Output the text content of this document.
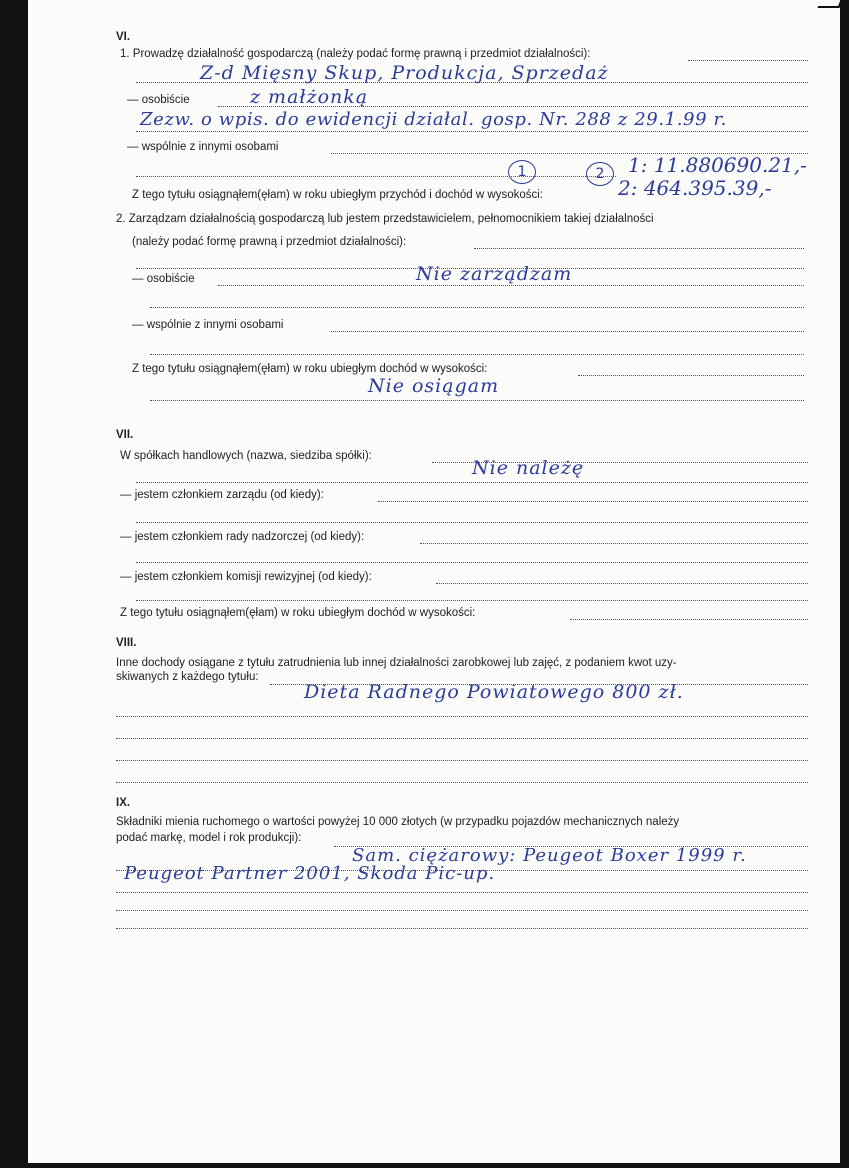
VI.
1. Prowadzę działalność gospodarczą (należy podać formę prawną i przedmiot działalności):
Z-d Mięsny Skup, Produkcja, Sprzedaż
— osobiście	z małżonką
Zezw. o wpis. do ewidencji działal. gosp. Nr. 288 z 29.1.99 r.
— wspólnie z innymi osobami
1	2	1: 11.880690.21,-
Z tego tytułu osiągnąłem(ęłam) w roku ubiegłym przychód i dochód w wysokości:	2: 464.395.39,-
2. Zarządzam działalnością gospodarczą lub jestem przedstawicielem, pełnomocnikiem takiej działalności
(należy podać formę prawną i przedmiot działalności):
— osobiście	Nie zarządzam
— wspólnie z innymi osobami
Z tego tytułu osiągnąłem(ęłam) w roku ubiegłym dochód w wysokości:
Nie osiągam
VII.
W spółkach handlowych (nazwa, siedziba spółki):
Nie należę
— jestem członkiem zarządu (od kiedy):
— jestem członkiem rady nadzorczej (od kiedy):
— jestem członkiem komisji rewizyjnej (od kiedy):
Z tego tytułu osiągnąłem(ęłam) w roku ubiegłym dochód w wysokości:
VIII.
Inne dochody osiągane z tytułu zatrudnienia lub innej działalności zarobkowej lub zajęć, z podaniem kwot uzy-
skiwanych z każdego tytułu:
Dieta Radnego Powiatowego 800 zł.
IX.
Składniki mienia ruchomego o wartości powyżej 10 000 złotych (w przypadku pojazdów mechanicznych należy
podać markę, model i rok produkcji):
Sam. ciężarowy: Peugeot Boxer 1999 r.
Peugeot Partner 2001, Skoda Pic-up.
